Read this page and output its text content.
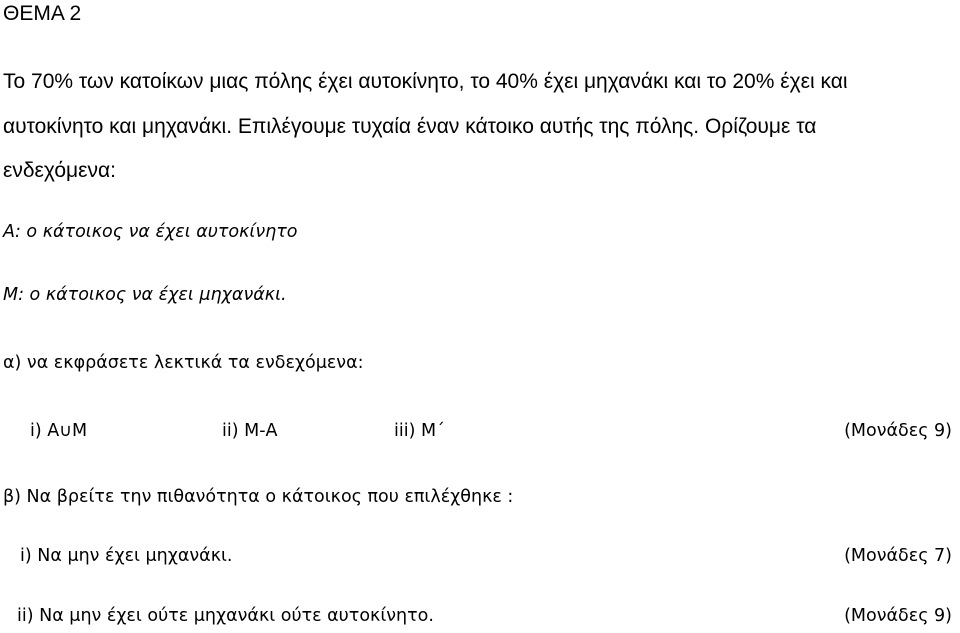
ΘΕΜΑ 2
Το 70% των κατοίκων μιας πόλης έχει αυτοκίνητο, το 40% έχει μηχανάκι και το 20% έχει και
αυτοκίνητο και μηχανάκι. Επιλέγουμε τυχαία έναν κάτοικο αυτής της πόλης. Ορίζουμε τα
ενδεχόμενα:
Α: ο κάτοικος να έχει αυτοκίνητο
Μ: ο κάτοικος να έχει μηχανάκι.
α) να εκφράσετε λεκτικά τα ενδεχόμενα:
i) Α∪Μ	ii) Μ-Α	iii) Μ΄	(Μονάδες 9)
β) Να βρείτε την πιθανότητα ο κάτοικος που επιλέχθηκε :
i) Να μην έχει μηχανάκι.	(Μονάδες 7)
ii) Να μην έχει ούτε μηχανάκι ούτε αυτοκίνητο.	(Μονάδες 9)
